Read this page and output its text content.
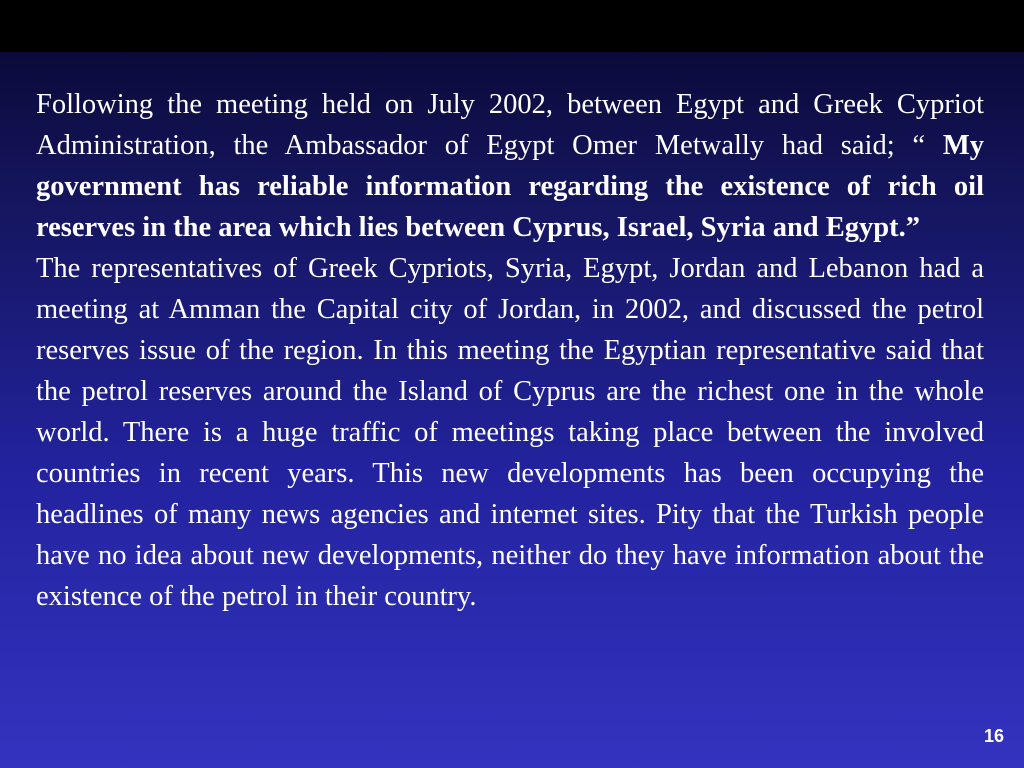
Following the meeting held on July 2002, between Egypt and Greek Cypriot Administration, the Ambassador of Egypt Omer Metwally had said; “ My government has reliable information regarding the existence of rich oil reserves in the area which lies between Cyprus, Israel, Syria and Egypt.”

The representatives of Greek Cypriots, Syria, Egypt, Jordan and Lebanon had a meeting at Amman the Capital city of Jordan, in 2002, and discussed the petrol reserves issue of the region. In this meeting the Egyptian representative said that the petrol reserves around the Island of Cyprus are the richest one in the whole world. There is a huge traffic of meetings taking place between the involved countries in recent years. This new developments has been occupying the headlines of many news agencies and internet sites. Pity that the Turkish people have no idea about new developments, neither do they have information about the existence of the petrol in their country.

16
